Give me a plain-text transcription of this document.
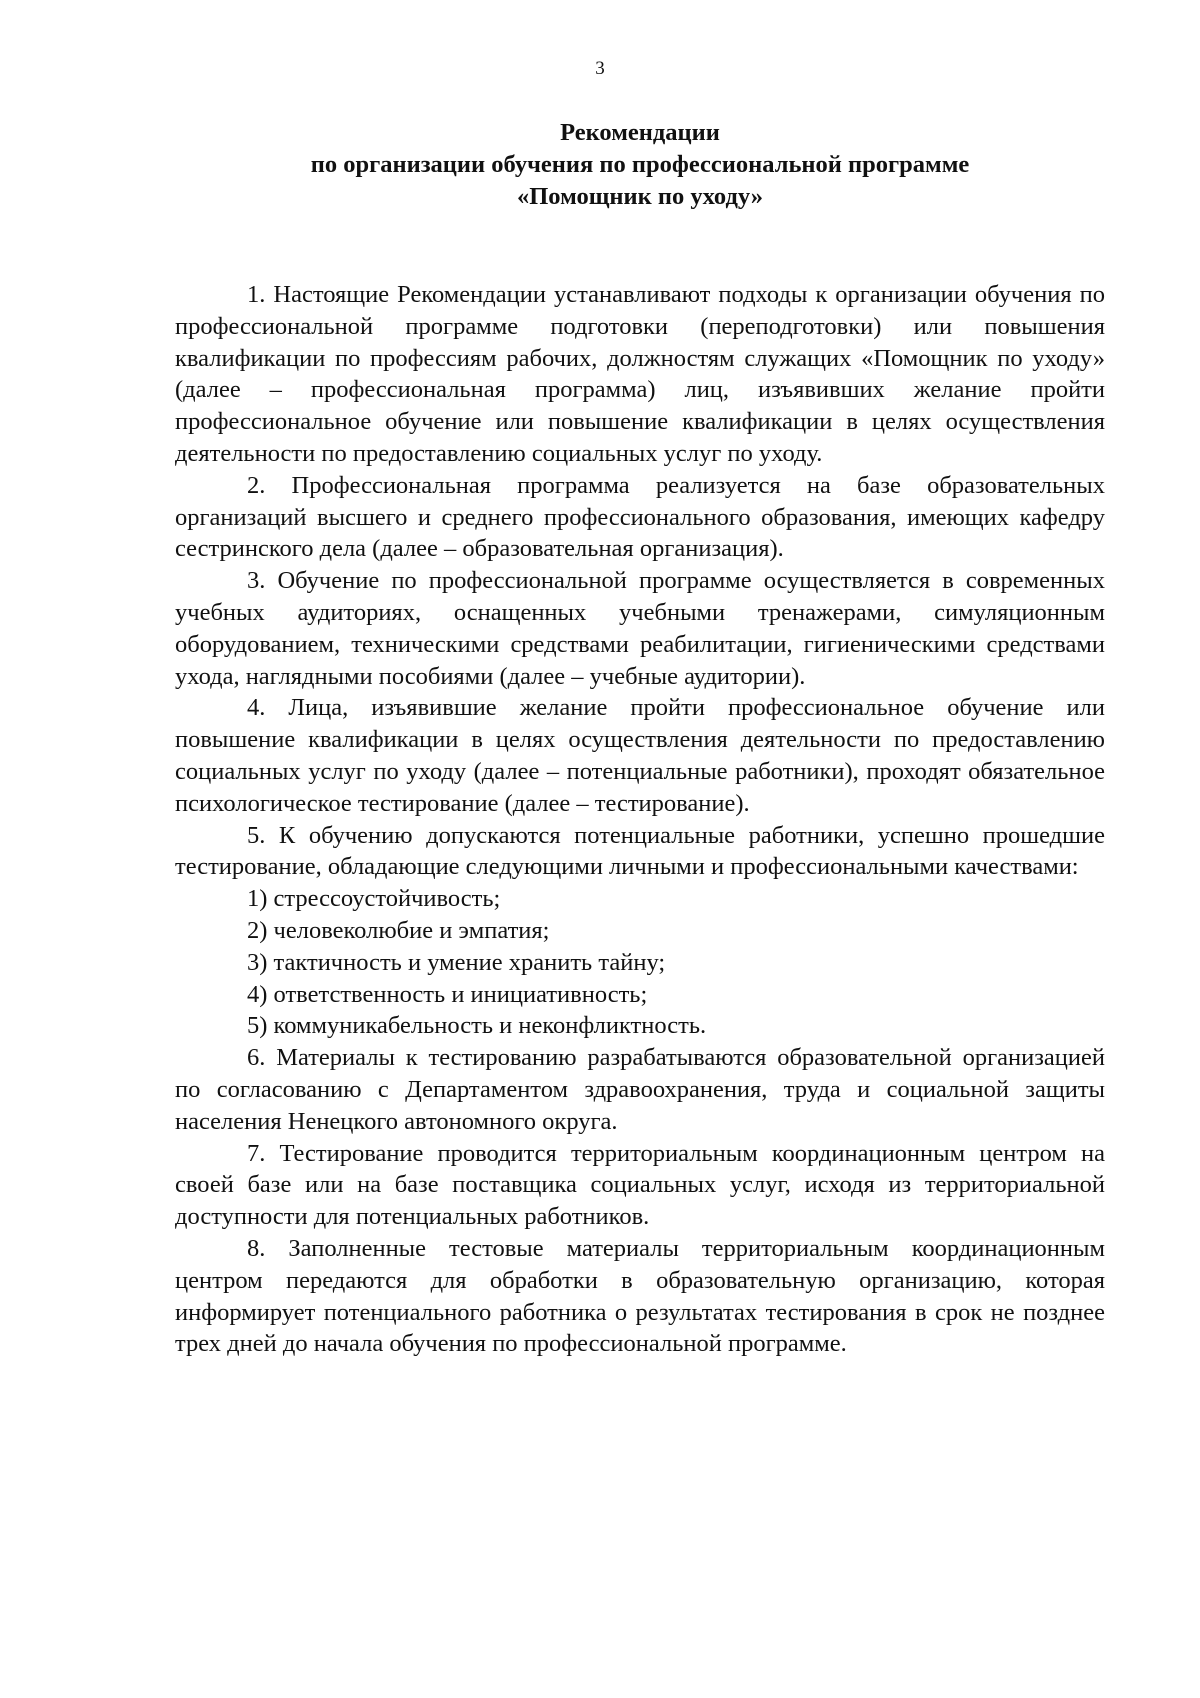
3
Рекомендации
по организации обучения по профессиональной программе
«Помощник по уходу»

1. Настоящие Рекомендации устанавливают подходы к организации обучения по профессиональной программе подготовки (переподготовки) или повышения квалификации по профессиям рабочих, должностям служащих «Помощник по уходу» (далее – профессиональная программа) лиц, изъявивших желание пройти профессиональное обучение или повышение квалификации в целях осуществления деятельности по предоставлению социальных услуг по уходу.

2. Профессиональная программа реализуется на базе образовательных организаций высшего и среднего профессионального образования, имеющих кафедру сестринского дела (далее – образовательная организация).

3. Обучение по профессиональной программе осуществляется в современных учебных аудиториях, оснащенных учебными тренажерами, симуляционным оборудованием, техническими средствами реабилитации, гигиеническими средствами ухода, наглядными пособиями (далее – учебные аудитории).

4. Лица, изъявившие желание пройти профессиональное обучение или повышение квалификации в целях осуществления деятельности по предоставлению социальных услуг по уходу (далее – потенциальные работники), проходят обязательное психологическое тестирование (далее – тестирование).

5. К обучению допускаются потенциальные работники, успешно прошедшие тестирование, обладающие следующими личными и профессиональными качествами:

1) стрессоустойчивость;

2) человеколюбие и эмпатия;

3) тактичность и умение хранить тайну;

4) ответственность и инициативность;

5) коммуникабельность и неконфликтность.

6. Материалы к тестированию разрабатываются образовательной организацией по согласованию с Департаментом здравоохранения, труда и социальной защиты населения Ненецкого автономного округа.

7. Тестирование проводится территориальным координационным центром на своей базе или на базе поставщика социальных услуг, исходя из территориальной доступности для потенциальных работников.

8. Заполненные тестовые материалы территориальным координационным центром передаются для обработки в образовательную организацию, которая информирует потенциального работника о результатах тестирования в срок не позднее трех дней до начала обучения по профессиональной программе.
